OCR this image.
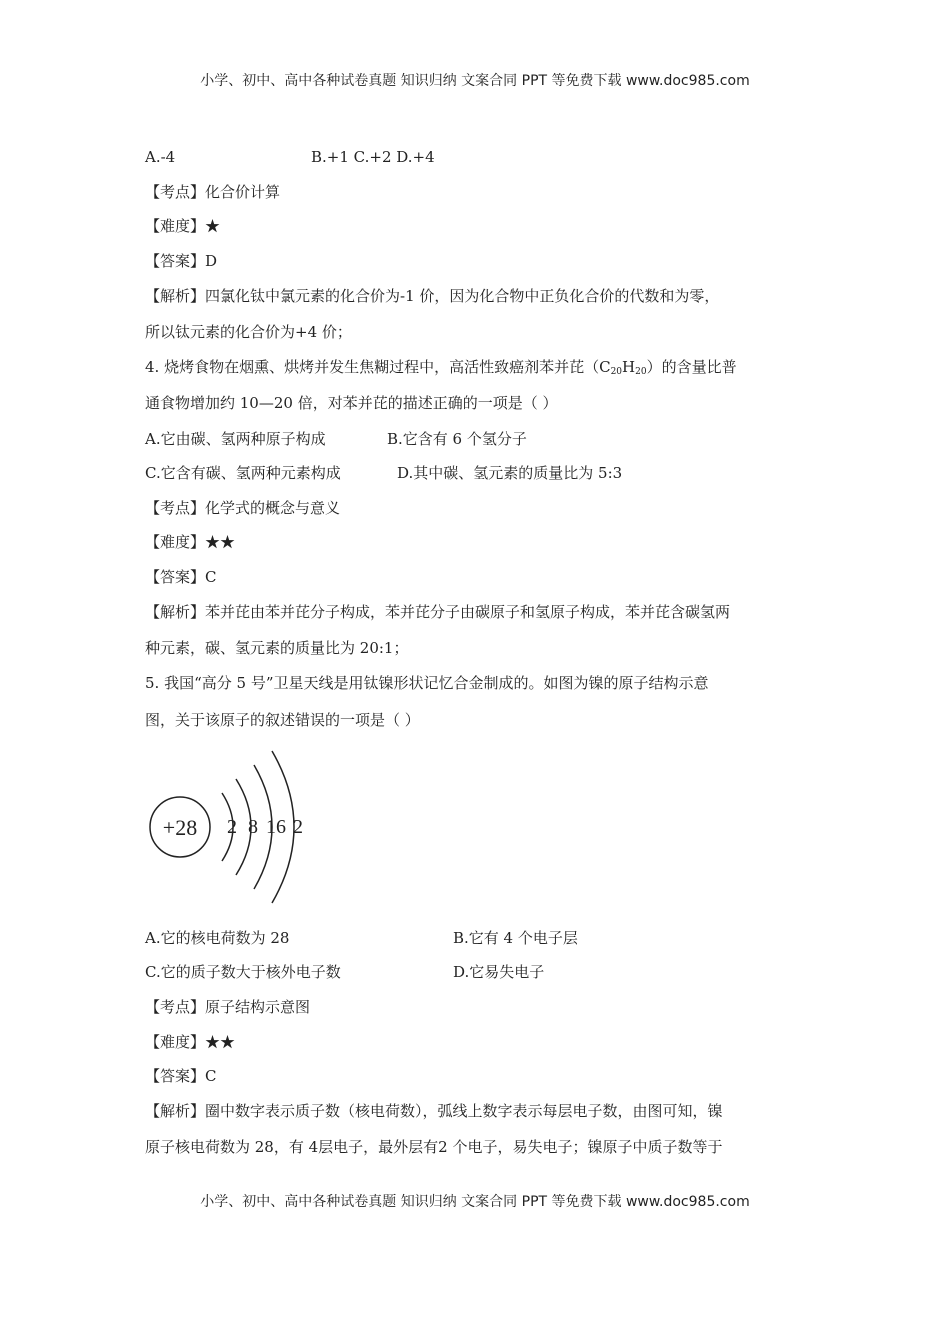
小学、初中、高中各种试卷真题 知识归纳 文案合同 PPT 等免费下载 www.doc985.com
A.-4	B.+1 C.+2 D.+4
【考点】化合价计算
【难度】★
【答案】D
【解析】四氯化钛中氯元素的化合价为-1 价，因为化合物中正负化合价的代数和为零，
所以钛元素的化合价为+4 价；
4. 烧烤食物在烟熏、烘烤并发生焦糊过程中，高活性致癌剂苯并芘$(C_{20}H_{20})$的含量比普
通食物增加约 10—20 倍，对苯并芘的描述正确的一项是（ ）
A.它由碳、氢两种原子构成	B.它含有 6 个氢分子
C.它含有碳、氢两种元素构成	D.其中碳、氢元素的质量比为 5:3
【考点】化学式的概念与意义
【难度】★★
【答案】C
【解析】苯并芘由苯并芘分子构成，苯并芘分子由碳原子和氢原子构成，苯并芘含碳氢两
种元素，碳、氢元素的质量比为 20:1；
5. 我国“高分 5 号”卫星天线是用钛镍形状记忆合金制成的。如图为镍的原子结构示意
图，关于该原子的叙述错误的一项是（ ）
+28 2 8 16 2
A.它的核电荷数为 28	B.它有 4 个电子层
C.它的质子数大于核外电子数	D.它易失电子
【考点】原子结构示意图
【难度】★★
【答案】C
【解析】圈中数字表示质子数（核电荷数），弧线上数字表示每层电子数，由图可知，镍
原子核电荷数为 28，有 4层电子，最外层有2 个电子，易失电子；镍原子中质子数等于
小学、初中、高中各种试卷真题 知识归纳 文案合同 PPT 等免费下载 www.doc985.com
